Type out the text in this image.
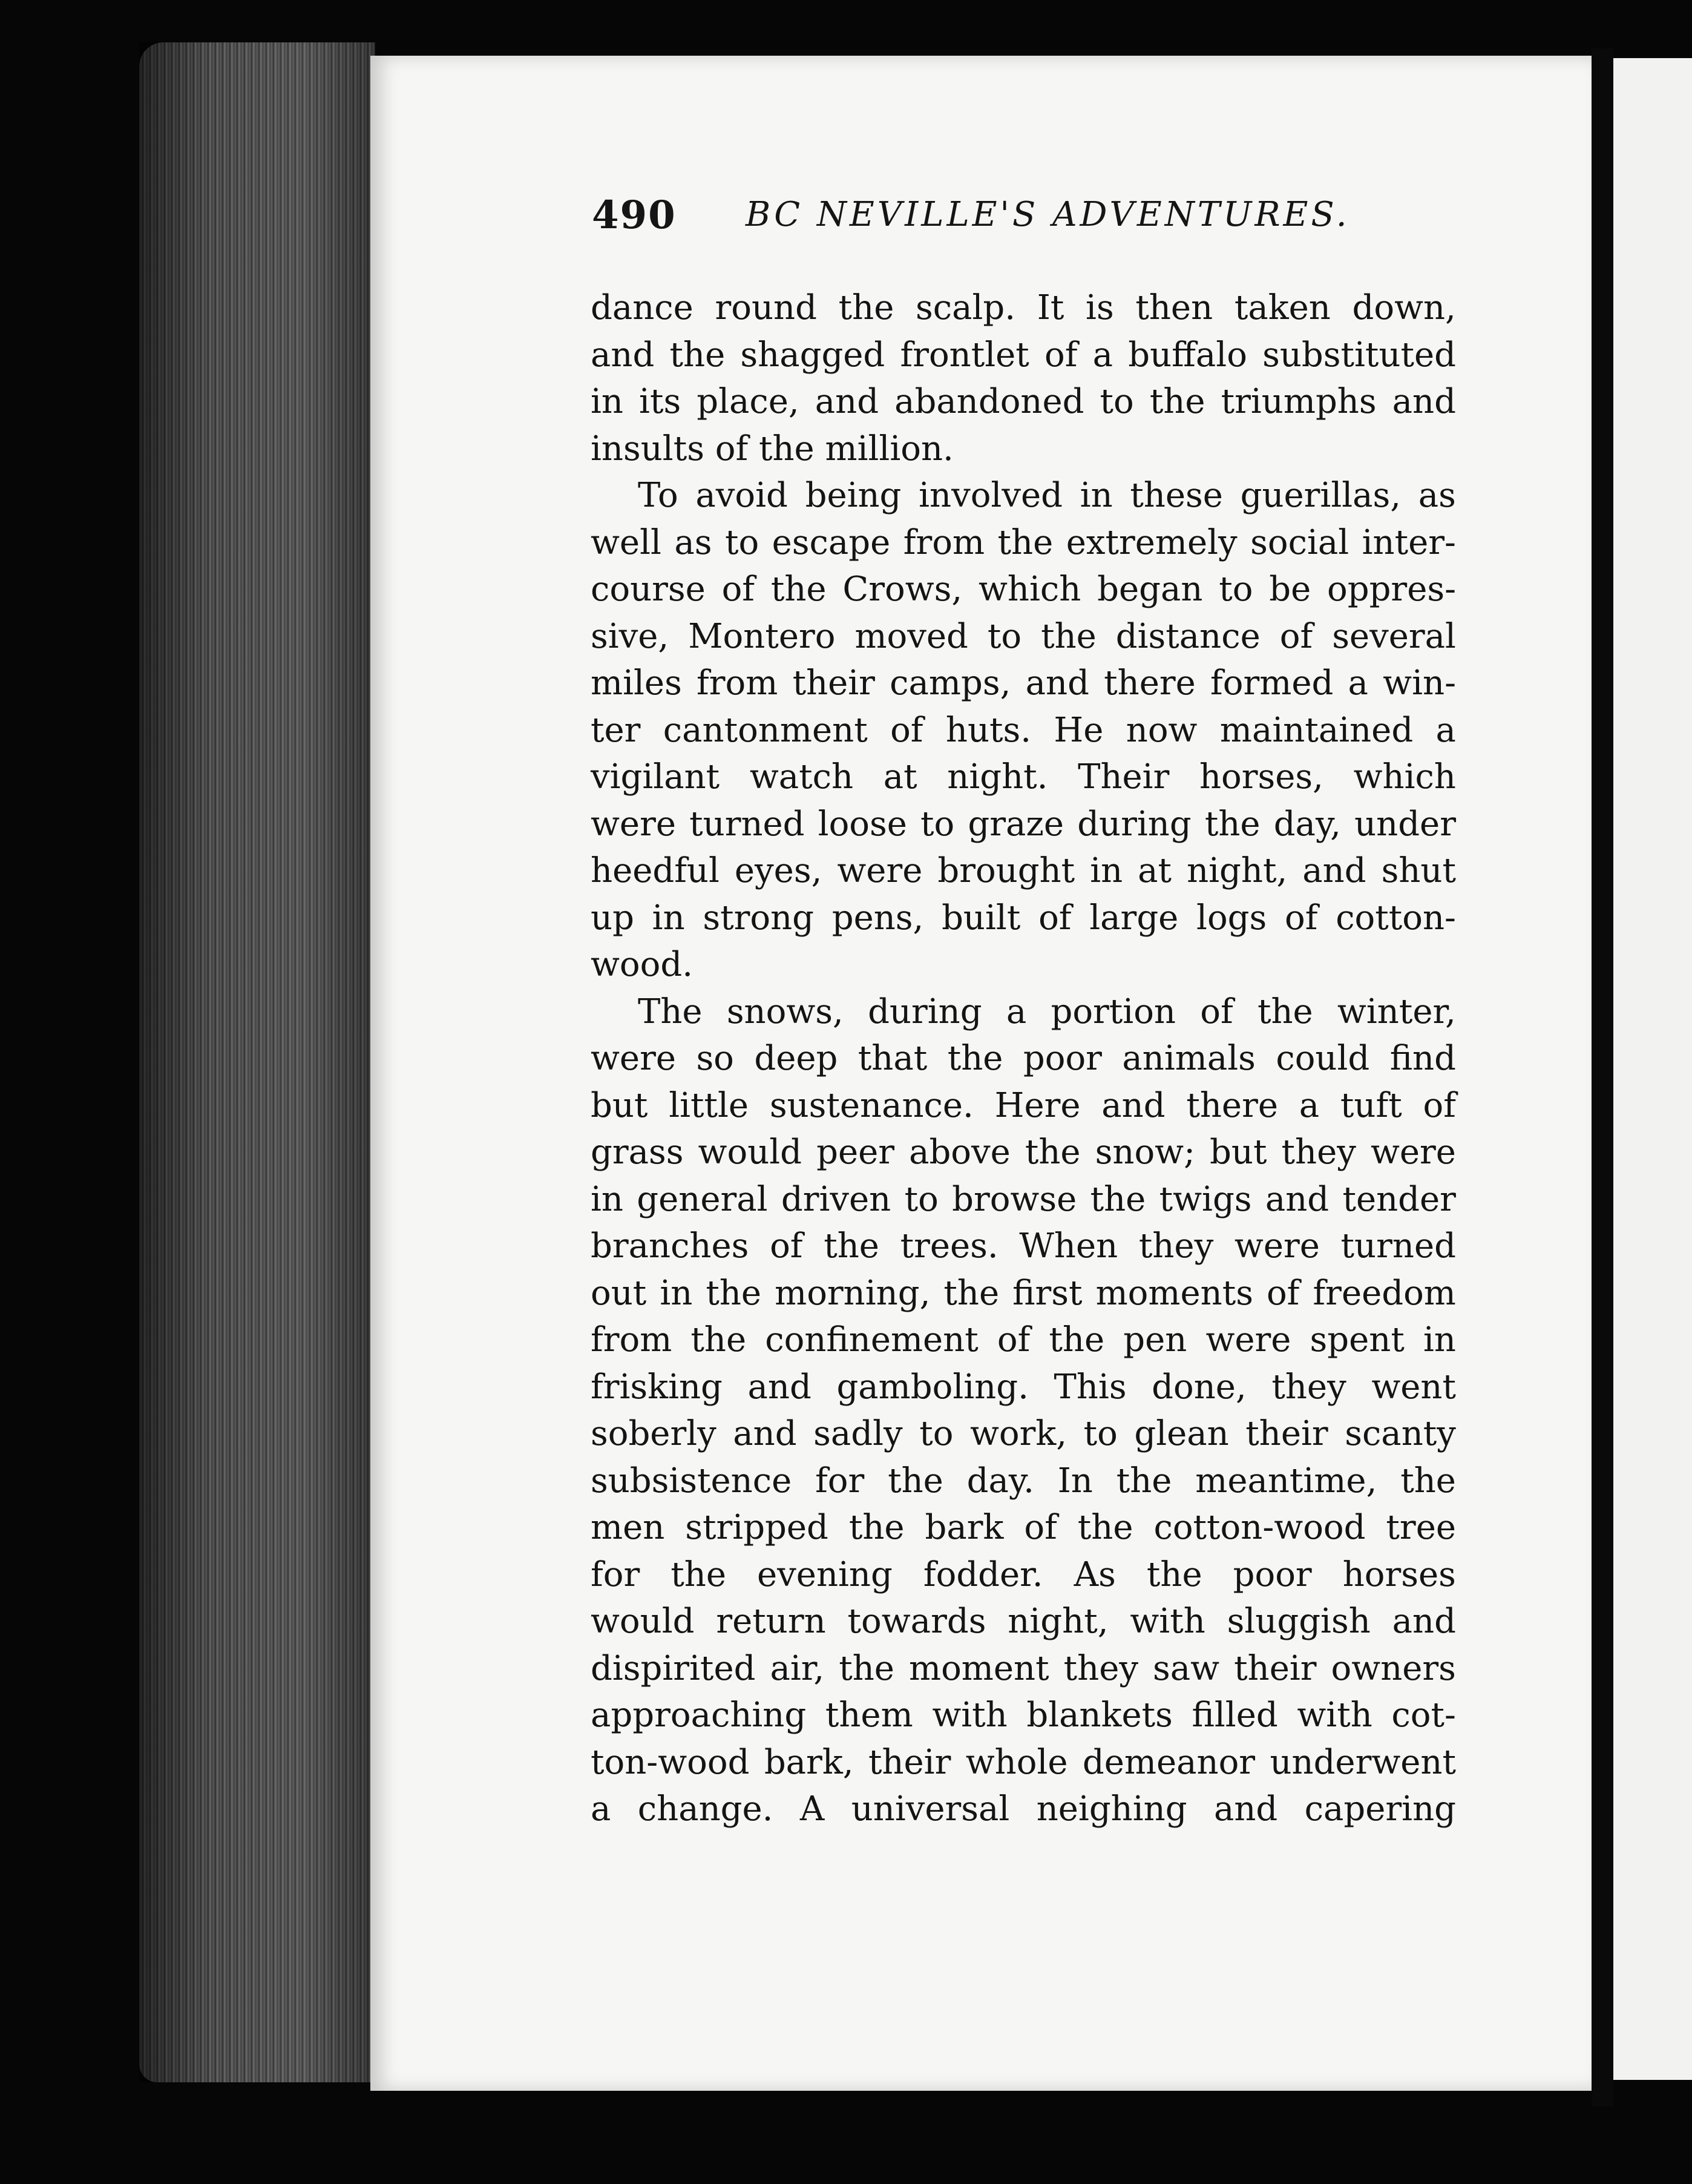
490 BC NEVILLE'S ADVENTURES.
dance round the scalp. It is then taken down,
and the shagged frontlet of a buffalo substituted
in its place, and abandoned to the triumphs and
insults of the million.
To avoid being involved in these guerillas, as
well as to escape from the extremely social inter-
course of the Crows, which began to be oppres-
sive, Montero moved to the distance of several
miles from their camps, and there formed a win-
ter cantonment of huts. He now maintained a
vigilant watch at night. Their horses, which
were turned loose to graze during the day, under
heedful eyes, were brought in at night, and shut
up in strong pens, built of large logs of cotton-
wood.
The snows, during a portion of the winter,
were so deep that the poor animals could find
but little sustenance. Here and there a tuft of
grass would peer above the snow; but they were
in general driven to browse the twigs and tender
branches of the trees. When they were turned
out in the morning, the first moments of freedom
from the confinement of the pen were spent in
frisking and gamboling. This done, they went
soberly and sadly to work, to glean their scanty
subsistence for the day. In the meantime, the
men stripped the bark of the cotton-wood tree
for the evening fodder. As the poor horses
would return towards night, with sluggish and
dispirited air, the moment they saw their owners
approaching them with blankets filled with cot-
ton-wood bark, their whole demeanor underwent
a change. A universal neighing and capering
